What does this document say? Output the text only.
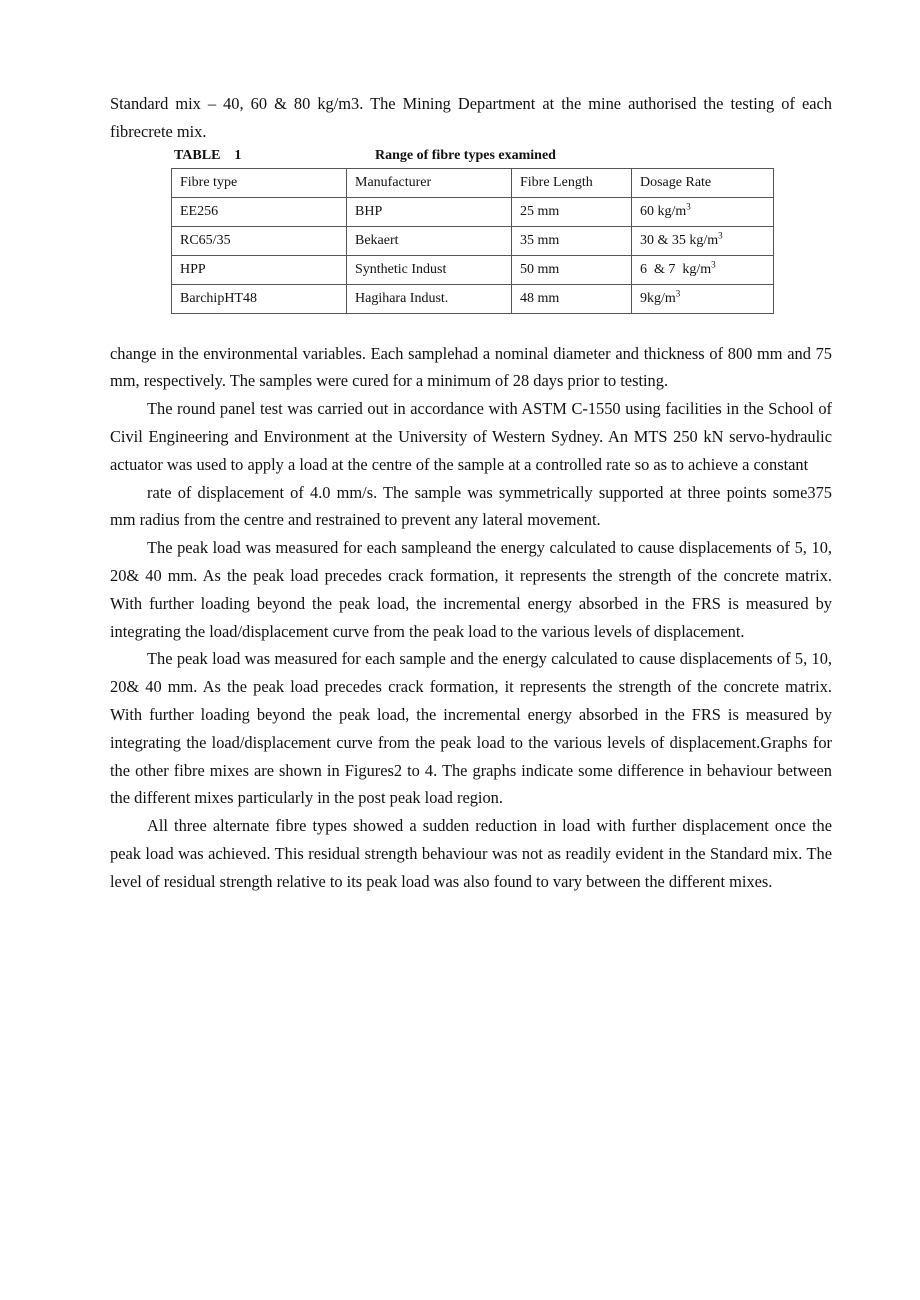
Standard mix – 40, 60 & 80 kg/m3. The Mining Department at the mine authorised the testing of each fibrecrete mix.

TABLE    1	Range of fibre types examined
Fibre type	Manufacturer	Fibre Length	Dosage Rate
EE256	BHP	25 mm	60 $kg/m^3$
RC65/35	Bekaert	35 mm	30 & 35 $kg/m^3$
HPP	Synthetic Indust	50 mm	6  & 7  $kg/m^3$
BarchipHT48	Hagihara Indust.	48 mm	$9kg/m^3$

change in the environmental variables. Each samplehad a nominal diameter and thickness of 800 mm and 75 mm, respectively. The samples were cured for a minimum of 28 days prior to testing.

The round panel test was carried out in accordance with ASTM C-1550 using facilities in the School of Civil Engineering and Environment at the University of Western Sydney. An MTS 250 kN servo-hydraulic actuator was used to apply a load at the centre of the sample at a controlled rate so as to achieve a constant

rate of displacement of 4.0 mm/s. The sample was symmetrically supported at three points some375 mm radius from the centre and restrained to prevent any lateral movement.

The peak load was measured for each sampleand the energy calculated to cause displacements of 5, 10, 20& 40 mm. As the peak load precedes crack formation, it represents the strength of the concrete matrix. With further loading beyond the peak load, the incremental energy absorbed in the FRS is measured by integrating the load/displacement curve from the peak load to the various levels of displacement.

The peak load was measured for each sample and the energy calculated to cause displacements of 5, 10, 20& 40 mm. As the peak load precedes crack formation, it represents the strength of the concrete matrix. With further loading beyond the peak load, the incremental energy absorbed in the FRS is measured by integrating the load/displacement curve from the peak load to the various levels of displacement.Graphs for the other fibre mixes are shown in Figures2 to 4. The graphs indicate some difference in behaviour between the different mixes particularly in the post peak load region.

All three alternate fibre types showed a sudden reduction in load with further displacement once the peak load was achieved. This residual strength behaviour was not as readily evident in the Standard mix. The level of residual strength relative to its peak load was also found to vary between the different mixes.
